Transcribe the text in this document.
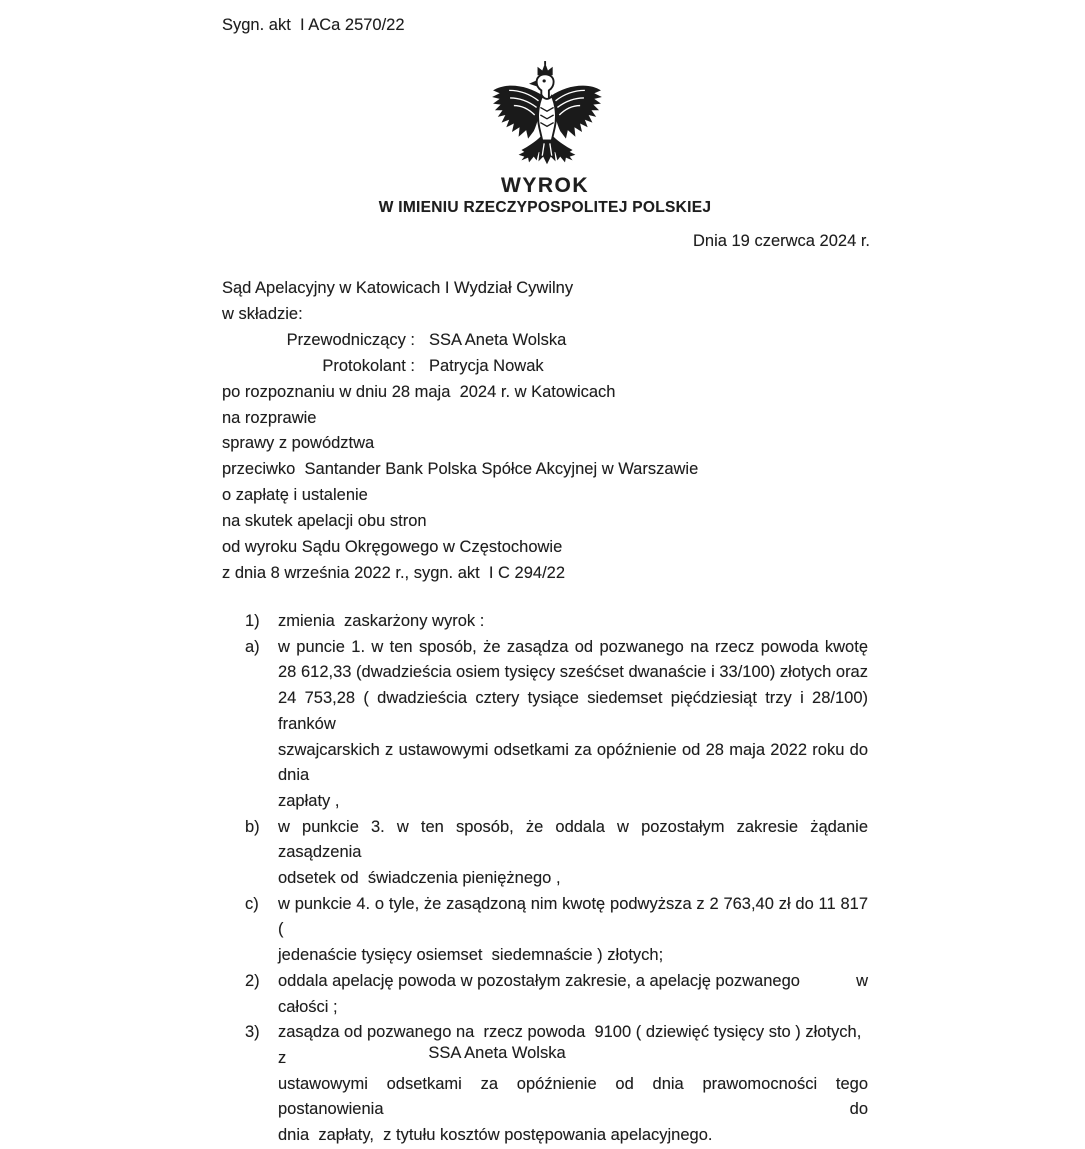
Sygn. akt  I ACa 2570/22
WYROK
W IMIENIU RZECZYPOSPOLITEJ POLSKIEJ
Dnia 19 czerwca 2024 r.
Sąd Apelacyjny w Katowicach I Wydział Cywilny
w składzie:
Przewodniczący : SSA Aneta Wolska
Protokolant : Patrycja Nowak
po rozpoznaniu w dniu 28 maja  2024 r. w Katowicach
na rozprawie
sprawy z powództwa
przeciwko  Santander Bank Polska Spółce Akcyjnej w Warszawie
o zapłatę i ustalenie
na skutek apelacji obu stron
od wyroku Sądu Okręgowego w Częstochowie
z dnia 8 września 2022 r., sygn. akt  I C 294/22
1)	zmienia  zaskarżony wyrok :
a)	w puncie 1. w ten sposób, że zasądza od pozwanego na rzecz powoda kwotę
28 612,33 (dwadzieścia osiem tysięcy sześćset dwanaście i 33/100) złotych oraz
24 753,28 ( dwadzieścia cztery tysiące siedemset pięćdziesiąt trzy i 28/100) franków
szwajcarskich z ustawowymi odsetkami za opóźnienie od 28 maja 2022 roku do dnia
zapłaty ,
b)	w punkcie 3. w ten sposób, że oddala w pozostałym zakresie żądanie zasądzenia
odsetek od  świadczenia pieniężnego ,
c)	w punkcie 4. o tyle, że zasądzoną nim kwotę podwyższa z 2 763,40 zł do 11 817 (
jedenaście tysięcy osiemset  siedemnaście ) złotych;
2)	oddala apelację powoda w pozostałym zakresie, a apelację pozwanego	w
całości ;
3)	zasądza od pozwanego na  rzecz powoda  9100 ( dziewięć tysięcy sto ) złotych, z
ustawowymi odsetkami za opóźnienie od dnia prawomocności tego postanowienia do
dnia  zapłaty,  z tytułu kosztów postępowania apelacyjnego.
SSA Aneta Wolska
